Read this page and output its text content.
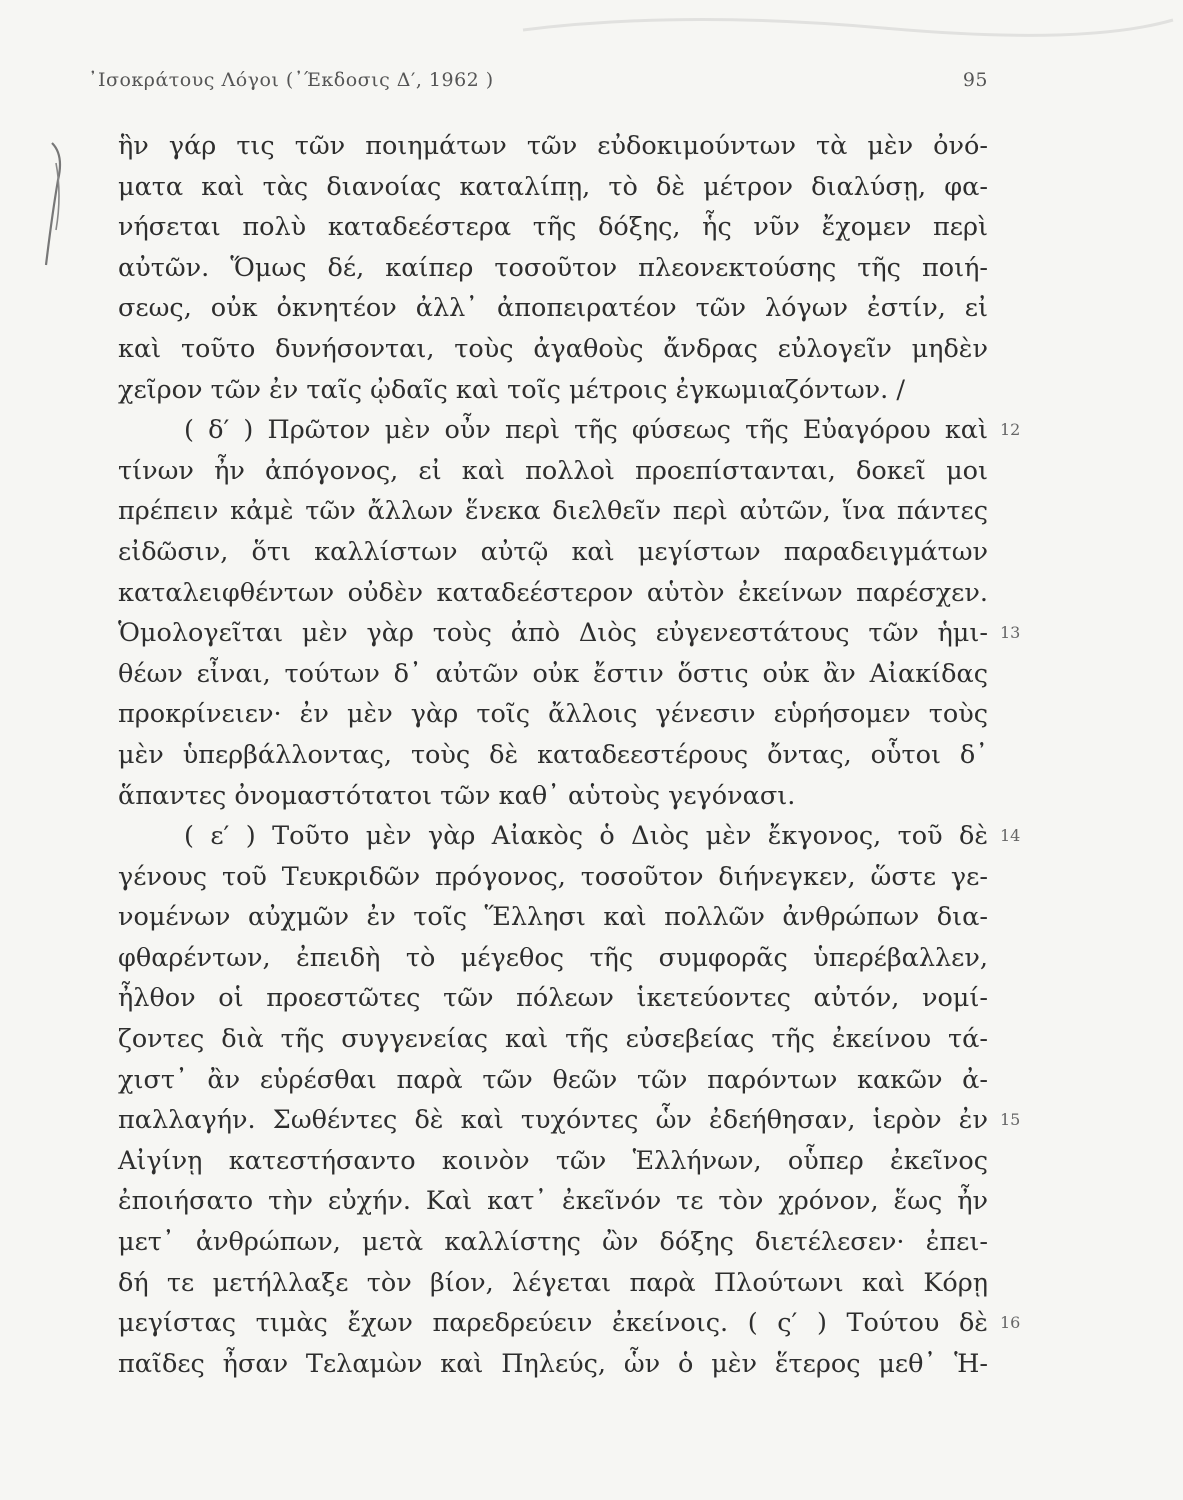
᾿Ισοκράτους Λόγοι (᾿Έκδοσις Δ′, 1962 )	95
ἣν γάρ τις τῶν ποιημάτων τῶν εὐδοκιμούντων τὰ μὲν ὀνό-
ματα καὶ τὰς διανοίας καταλίπῃ, τὸ δὲ μέτρον διαλύσῃ, φα-
νήσεται πολὺ καταδεέστερα τῆς δόξης, ἧς νῦν ἔχομεν περὶ
αὐτῶν. Ὅμως δέ, καίπερ τοσοῦτον πλεονεκτούσης τῆς ποιή-
σεως, οὐκ ὀκνητέον ἀλλ᾿ ἀποπειρατέον τῶν λόγων ἐστίν, εἰ
καὶ τοῦτο δυνήσονται, τοὺς ἀγαθοὺς ἄνδρας εὐλογεῖν μηδὲν
χεῖρον τῶν ἐν ταῖς ᾠδαῖς καὶ τοῖς μέτροις ἐγκωμιαζόντων. /
( δ′ ) Πρῶτον μὲν οὖν περὶ τῆς φύσεως τῆς Εὐαγόρου καὶ
τίνων ἦν ἀπόγονος, εἰ καὶ πολλοὶ προεπίστανται, δοκεῖ μοι
πρέπειν κἀμὲ τῶν ἄλλων ἕνεκα διελθεῖν περὶ αὐτῶν, ἵνα πάντες
εἰδῶσιν, ὅτι καλλίστων αὐτῷ καὶ μεγίστων παραδειγμάτων
καταλειφθέντων οὐδὲν καταδεέστερον αὑτὸν ἐκείνων παρέσχεν.
Ὁμολογεῖται μὲν γὰρ τοὺς ἀπὸ Διὸς εὐγενεστάτους τῶν ἡμι-
θέων εἶναι, τούτων δ᾿ αὐτῶν οὐκ ἔστιν ὅστις οὐκ ἂν Αἰακίδας
προκρίνειεν· ἐν μὲν γὰρ τοῖς ἄλλοις γένεσιν εὑρήσομεν τοὺς
μὲν ὑπερβάλλοντας, τοὺς δὲ καταδεεστέρους ὄντας, οὗτοι δ᾿
ἅπαντες ὀνομαστότατοι τῶν καθ᾿ αὑτοὺς γεγόνασι.
( ε′ ) Τοῦτο μὲν γὰρ Αἰακὸς ὁ Διὸς μὲν ἔκγονος, τοῦ δὲ
γένους τοῦ Τευκριδῶν πρόγονος, τοσοῦτον διήνεγκεν, ὥστε γε-
νομένων αὐχμῶν ἐν τοῖς Ἕλλησι καὶ πολλῶν ἀνθρώπων δια-
φθαρέντων, ἐπειδὴ τὸ μέγεθος τῆς συμφορᾶς ὑπερέβαλλεν,
ἦλθον οἱ προεστῶτες τῶν πόλεων ἱκετεύοντες αὐτόν, νομί-
ζοντες διὰ τῆς συγγενείας καὶ τῆς εὐσεβείας τῆς ἐκείνου τά-
χιστ᾿ ἂν εὑρέσθαι παρὰ τῶν θεῶν τῶν παρόντων κακῶν ἀ-
παλλαγήν. Σωθέντες δὲ καὶ τυχόντες ὧν ἐδεήθησαν, ἱερὸν ἐν
Αἰγίνῃ κατεστήσαντο κοινὸν τῶν Ἑλλήνων, οὗπερ ἐκεῖνος
ἐποιήσατο τὴν εὐχήν. Καὶ κατ᾿ ἐκεῖνόν τε τὸν χρόνον, ἕως ἦν
μετ᾿ ἀνθρώπων, μετὰ καλλίστης ὢν δόξης διετέλεσεν· ἐπει-
δή τε μετήλλαξε τὸν βίον, λέγεται παρὰ Πλούτωνι καὶ Κόρῃ
μεγίστας τιμὰς ἔχων παρεδρεύειν ἐκείνοις. ( ς′ ) Τούτου δὲ
παῖδες ἦσαν Τελαμὼν καὶ Πηλεύς, ὧν ὁ μὲν ἕτερος μεθ᾿ Ἡ-
12
13
14
15
16
